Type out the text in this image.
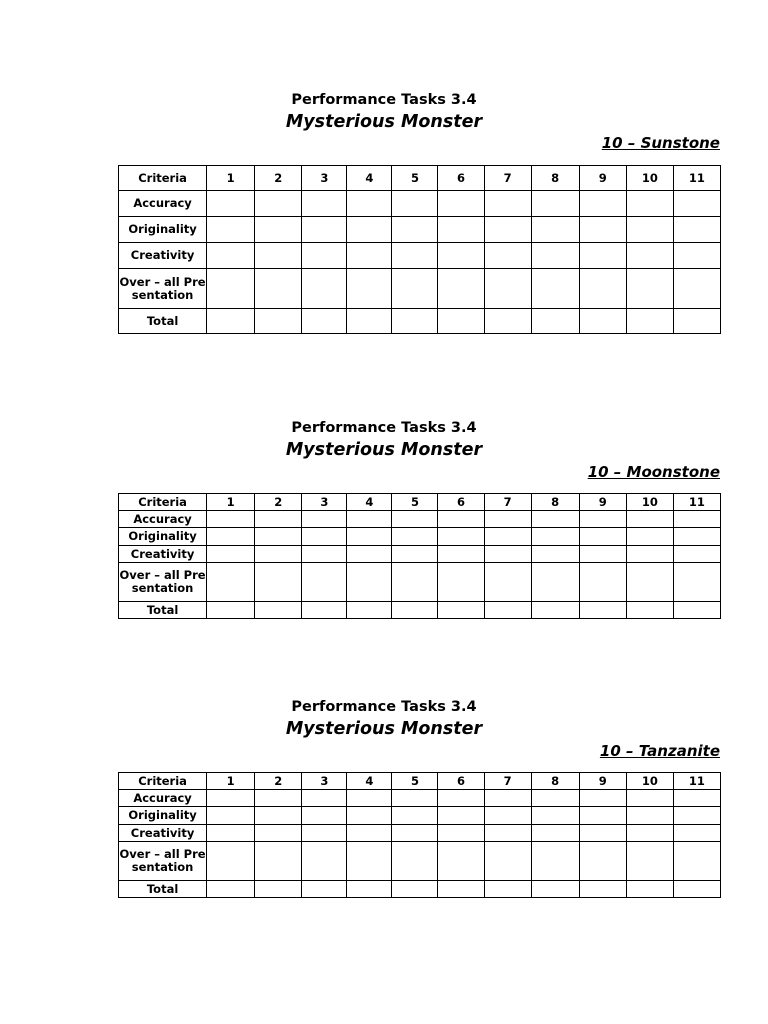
Performance Tasks 3.4
Mysterious Monster
10 – Sunstone
Criteria	1	2	3	4	5	6	7	8	9	10	11
Accuracy											
Originality											
Creativity											
Over – all Presentation											
Total											
Performance Tasks 3.4
Mysterious Monster
10 – Moonstone
Criteria	1	2	3	4	5	6	7	8	9	10	11
Accuracy											
Originality											
Creativity											
Over – all Presentation											
Total											
Performance Tasks 3.4
Mysterious Monster
10 – Tanzanite
Criteria	1	2	3	4	5	6	7	8	9	10	11
Accuracy											
Originality											
Creativity											
Over – all Presentation											
Total											
